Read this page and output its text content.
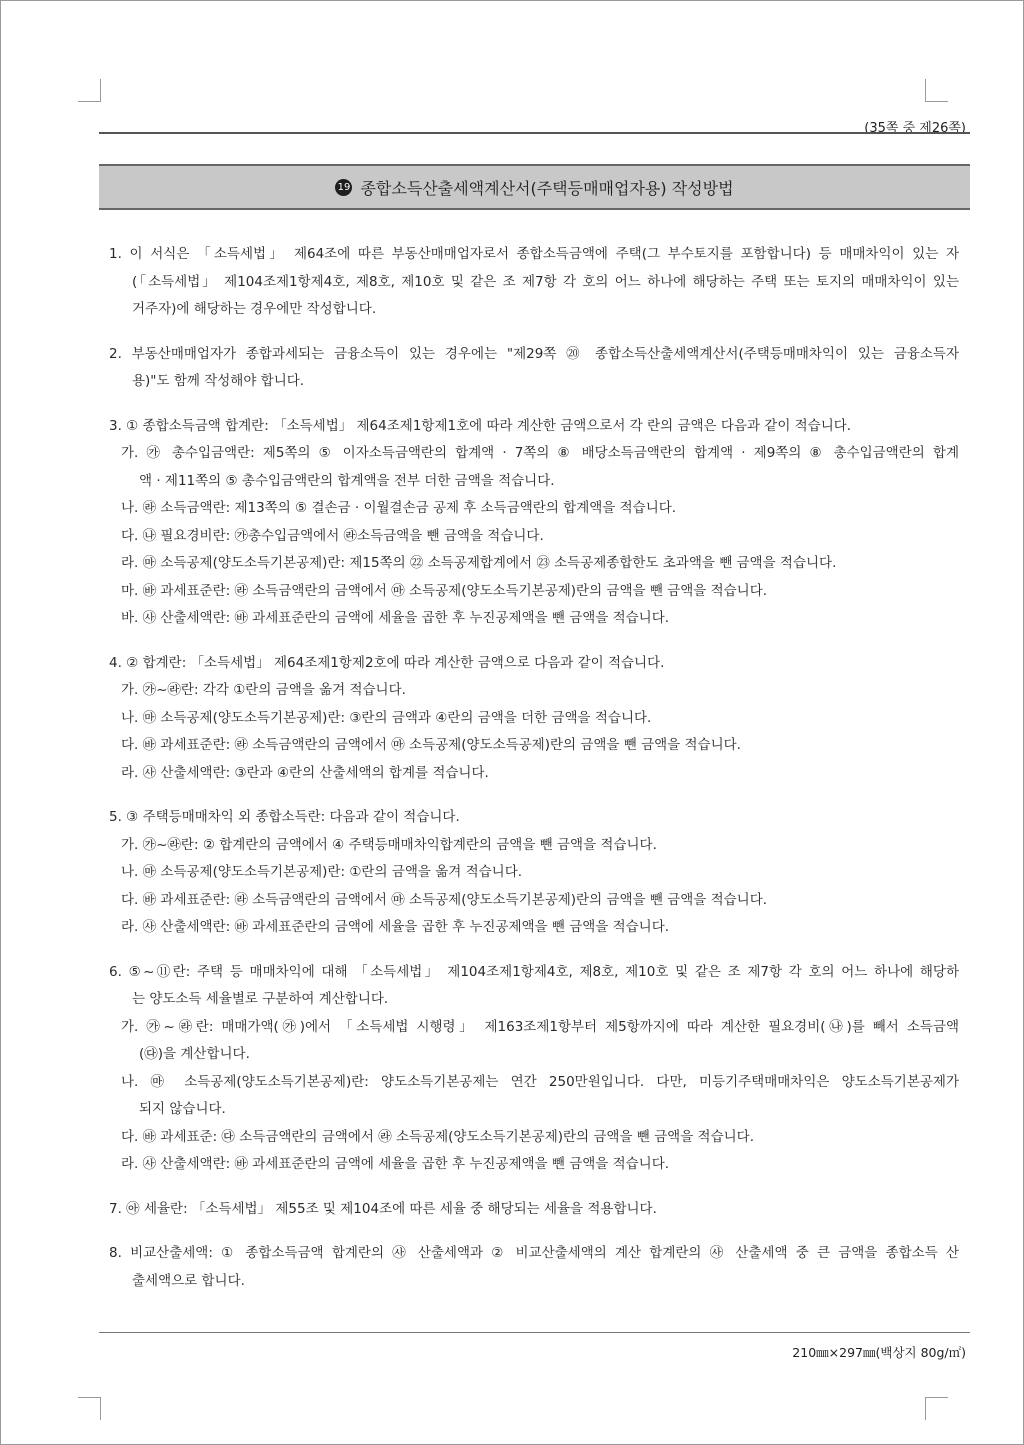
(35쪽 중 제26쪽)
19 종합소득산출세액계산서(주택등매매업자용) 작성방법
1. 이 서식은 「소득세법」 제64조에 따른 부동산매매업자로서 종합소득금액에 주택(그 부수토지를 포함합니다) 등 매매차익이 있는 자
(「소득세법」 제104조제1항제4호, 제8호, 제10호 및 같은 조 제7항 각 호의 어느 하나에 해당하는 주택 또는 토지의 매매차익이 있는
거주자)에 해당하는 경우에만 작성합니다.
2. 부동산매매업자가 종합과세되는 금융소득이 있는 경우에는 "제29쪽 ⑳ 종합소득산출세액계산서(주택등매매차익이 있는 금융소득자
용)"도 함께 작성해야 합니다.
3. ① 종합소득금액 합계란: 「소득세법」 제64조제1항제1호에 따라 계산한 금액으로서 각 란의 금액은 다음과 같이 적습니다.
가. ㉮ 총수입금액란: 제5쪽의 ⑤ 이자소득금액란의 합계액 · 7쪽의 ⑧ 배당소득금액란의 합계액 · 제9쪽의 ⑧ 총수입금액란의 합계
액 · 제11쪽의 ⑤ 총수입금액란의 합계액을 전부 더한 금액을 적습니다.
나. ㉱ 소득금액란: 제13쪽의 ⑤ 결손금 · 이월결손금 공제 후 소득금액란의 합계액을 적습니다.
다. ㉯ 필요경비란: ㉮총수입금액에서 ㉱소득금액을 뺀 금액을 적습니다.
라. ㉲ 소득공제(양도소득기본공제)란: 제15쪽의 ㉒ 소득공제합계에서 ㉓ 소득공제종합한도 초과액을 뺀 금액을 적습니다.
마. ㉳ 과세표준란: ㉱ 소득금액란의 금액에서 ㉲ 소득공제(양도소득기본공제)란의 금액을 뺀 금액을 적습니다.
바. ㉴ 산출세액란: ㉳ 과세표준란의 금액에 세율을 곱한 후 누진공제액을 뺀 금액을 적습니다.
4. ② 합계란: 「소득세법」 제64조제1항제2호에 따라 계산한 금액으로 다음과 같이 적습니다.
가. ㉮~㉱란: 각각 ①란의 금액을 옮겨 적습니다.
나. ㉲ 소득공제(양도소득기본공제)란: ③란의 금액과 ④란의 금액을 더한 금액을 적습니다.
다. ㉳ 과세표준란: ㉱ 소득금액란의 금액에서 ㉲ 소득공제(양도소득공제)란의 금액을 뺀 금액을 적습니다.
라. ㉴ 산출세액란: ③란과 ④란의 산출세액의 합계를 적습니다.
5. ③ 주택등매매차익 외 종합소득란: 다음과 같이 적습니다.
가. ㉮~㉱란: ② 합계란의 금액에서 ④ 주택등매매차익합계란의 금액을 뺀 금액을 적습니다.
나. ㉲ 소득공제(양도소득기본공제)란: ①란의 금액을 옮겨 적습니다.
다. ㉳ 과세표준란: ㉱ 소득금액란의 금액에서 ㉲ 소득공제(양도소득기본공제)란의 금액을 뺀 금액을 적습니다.
라. ㉴ 산출세액란: ㉳ 과세표준란의 금액에 세율을 곱한 후 누진공제액을 뺀 금액을 적습니다.
6. ⑤~⑪란: 주택 등 매매차익에 대해 「소득세법」 제104조제1항제4호, 제8호, 제10호 및 같은 조 제7항 각 호의 어느 하나에 해당하
는 양도소득 세율별로 구분하여 계산합니다.
가. ㉮~㉱란: 매매가액(㉮)에서 「소득세법 시행령」 제163조제1항부터 제5항까지에 따라 계산한 필요경비(㉯)를 빼서 소득금액
(㉰)을 계산합니다.
나. ㉲ 소득공제(양도소득기본공제)란: 양도소득기본공제는 연간 250만원입니다. 다만, 미등기주택매매차익은 양도소득기본공제가
되지 않습니다.
다. ㉳ 과세표준: ㉰ 소득금액란의 금액에서 ㉱ 소득공제(양도소득기본공제)란의 금액을 뺀 금액을 적습니다.
라. ㉴ 산출세액란: ㉳ 과세표준란의 금액에 세율을 곱한 후 누진공제액을 뺀 금액을 적습니다.
7. ㉵ 세율란: 「소득세법」 제55조 및 제104조에 따른 세율 중 해당되는 세율을 적용합니다.
8. 비교산출세액: ① 종합소득금액 합계란의 ㉴ 산출세액과 ② 비교산출세액의 계산 합계란의 ㉴ 산출세액 중 큰 금액을 종합소득 산
출세액으로 합니다.
210㎜×297㎜(백상지 80g/㎡)
